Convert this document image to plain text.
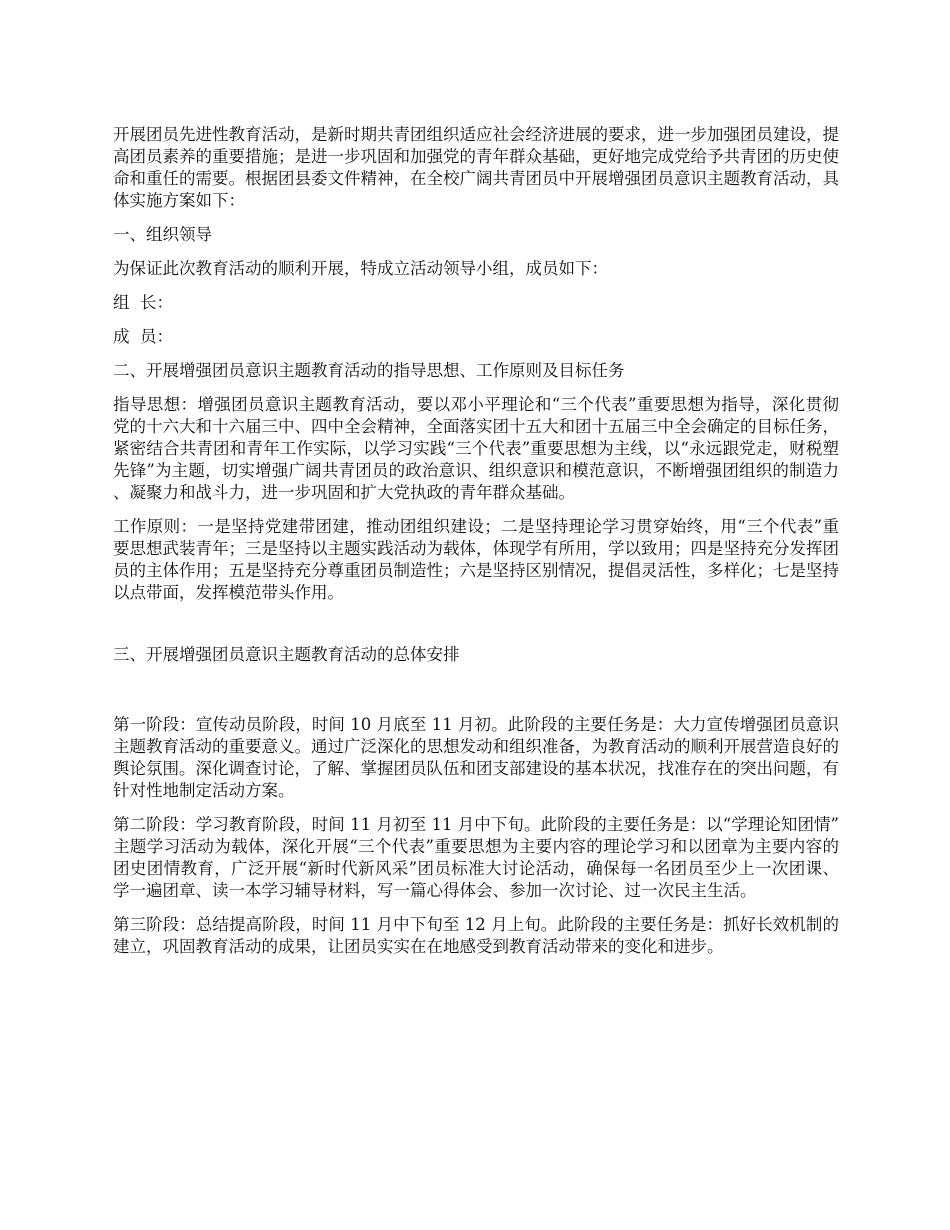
开展团员先进性教育活动，是新时期共青团组织适应社会经济进展的要求，进一步加强团员建设，提高团员素养的重要措施；是进一步巩固和加强党的青年群众基础，更好地完成党给予共青团的历史使命和重任的需要。根据团县委文件精神，在全校广阔共青团员中开展增强团员意识主题教育活动，具体实施方案如下：

一、组织领导

为保证此次教育活动的顺利开展，特成立活动领导小组，成员如下：

组  长：

成  员：

二、开展增强团员意识主题教育活动的指导思想、工作原则及目标任务

指导思想：增强团员意识主题教育活动，要以邓小平理论和“三个代表”重要思想为指导，深化贯彻党的十六大和十六届三中、四中全会精神，全面落实团十五大和团十五届三中全会确定的目标任务，紧密结合共青团和青年工作实际，以学习实践“三个代表”重要思想为主线，以“永远跟党走，财税塑先锋”为主题，切实增强广阔共青团员的政治意识、组织意识和模范意识，不断增强团组织的制造力、凝聚力和战斗力，进一步巩固和扩大党执政的青年群众基础。

工作原则：一是坚持党建带团建，推动团组织建设；二是坚持理论学习贯穿始终，用“三个代表”重要思想武装青年；三是坚持以主题实践活动为载体，体现学有所用，学以致用；四是坚持充分发挥团员的主体作用；五是坚持充分尊重团员制造性；六是坚持区别情况，提倡灵活性，多样化；七是坚持以点带面，发挥模范带头作用。

三、开展增强团员意识主题教育活动的总体安排

第一阶段：宣传动员阶段，时间 10 月底至 11 月初。此阶段的主要任务是：大力宣传增强团员意识主题教育活动的重要意义。通过广泛深化的思想发动和组织准备，为教育活动的顺利开展营造良好的舆论氛围。深化调查讨论，了解、掌握团员队伍和团支部建设的基本状况，找准存在的突出问题，有针对性地制定活动方案。

第二阶段：学习教育阶段，时间 11 月初至 11 月中下旬。此阶段的主要任务是：以“学理论知团情”主题学习活动为载体，深化开展“三个代表”重要思想为主要内容的理论学习和以团章为主要内容的团史团情教育，广泛开展“新时代新风采”团员标准大讨论活动，确保每一名团员至少上一次团课、学一遍团章、读一本学习辅导材料，写一篇心得体会、参加一次讨论、过一次民主生活。

第三阶段：总结提高阶段，时间 11 月中下旬至 12 月上旬。此阶段的主要任务是：抓好长效机制的建立，巩固教育活动的成果，让团员实实在在地感受到教育活动带来的变化和进步。
